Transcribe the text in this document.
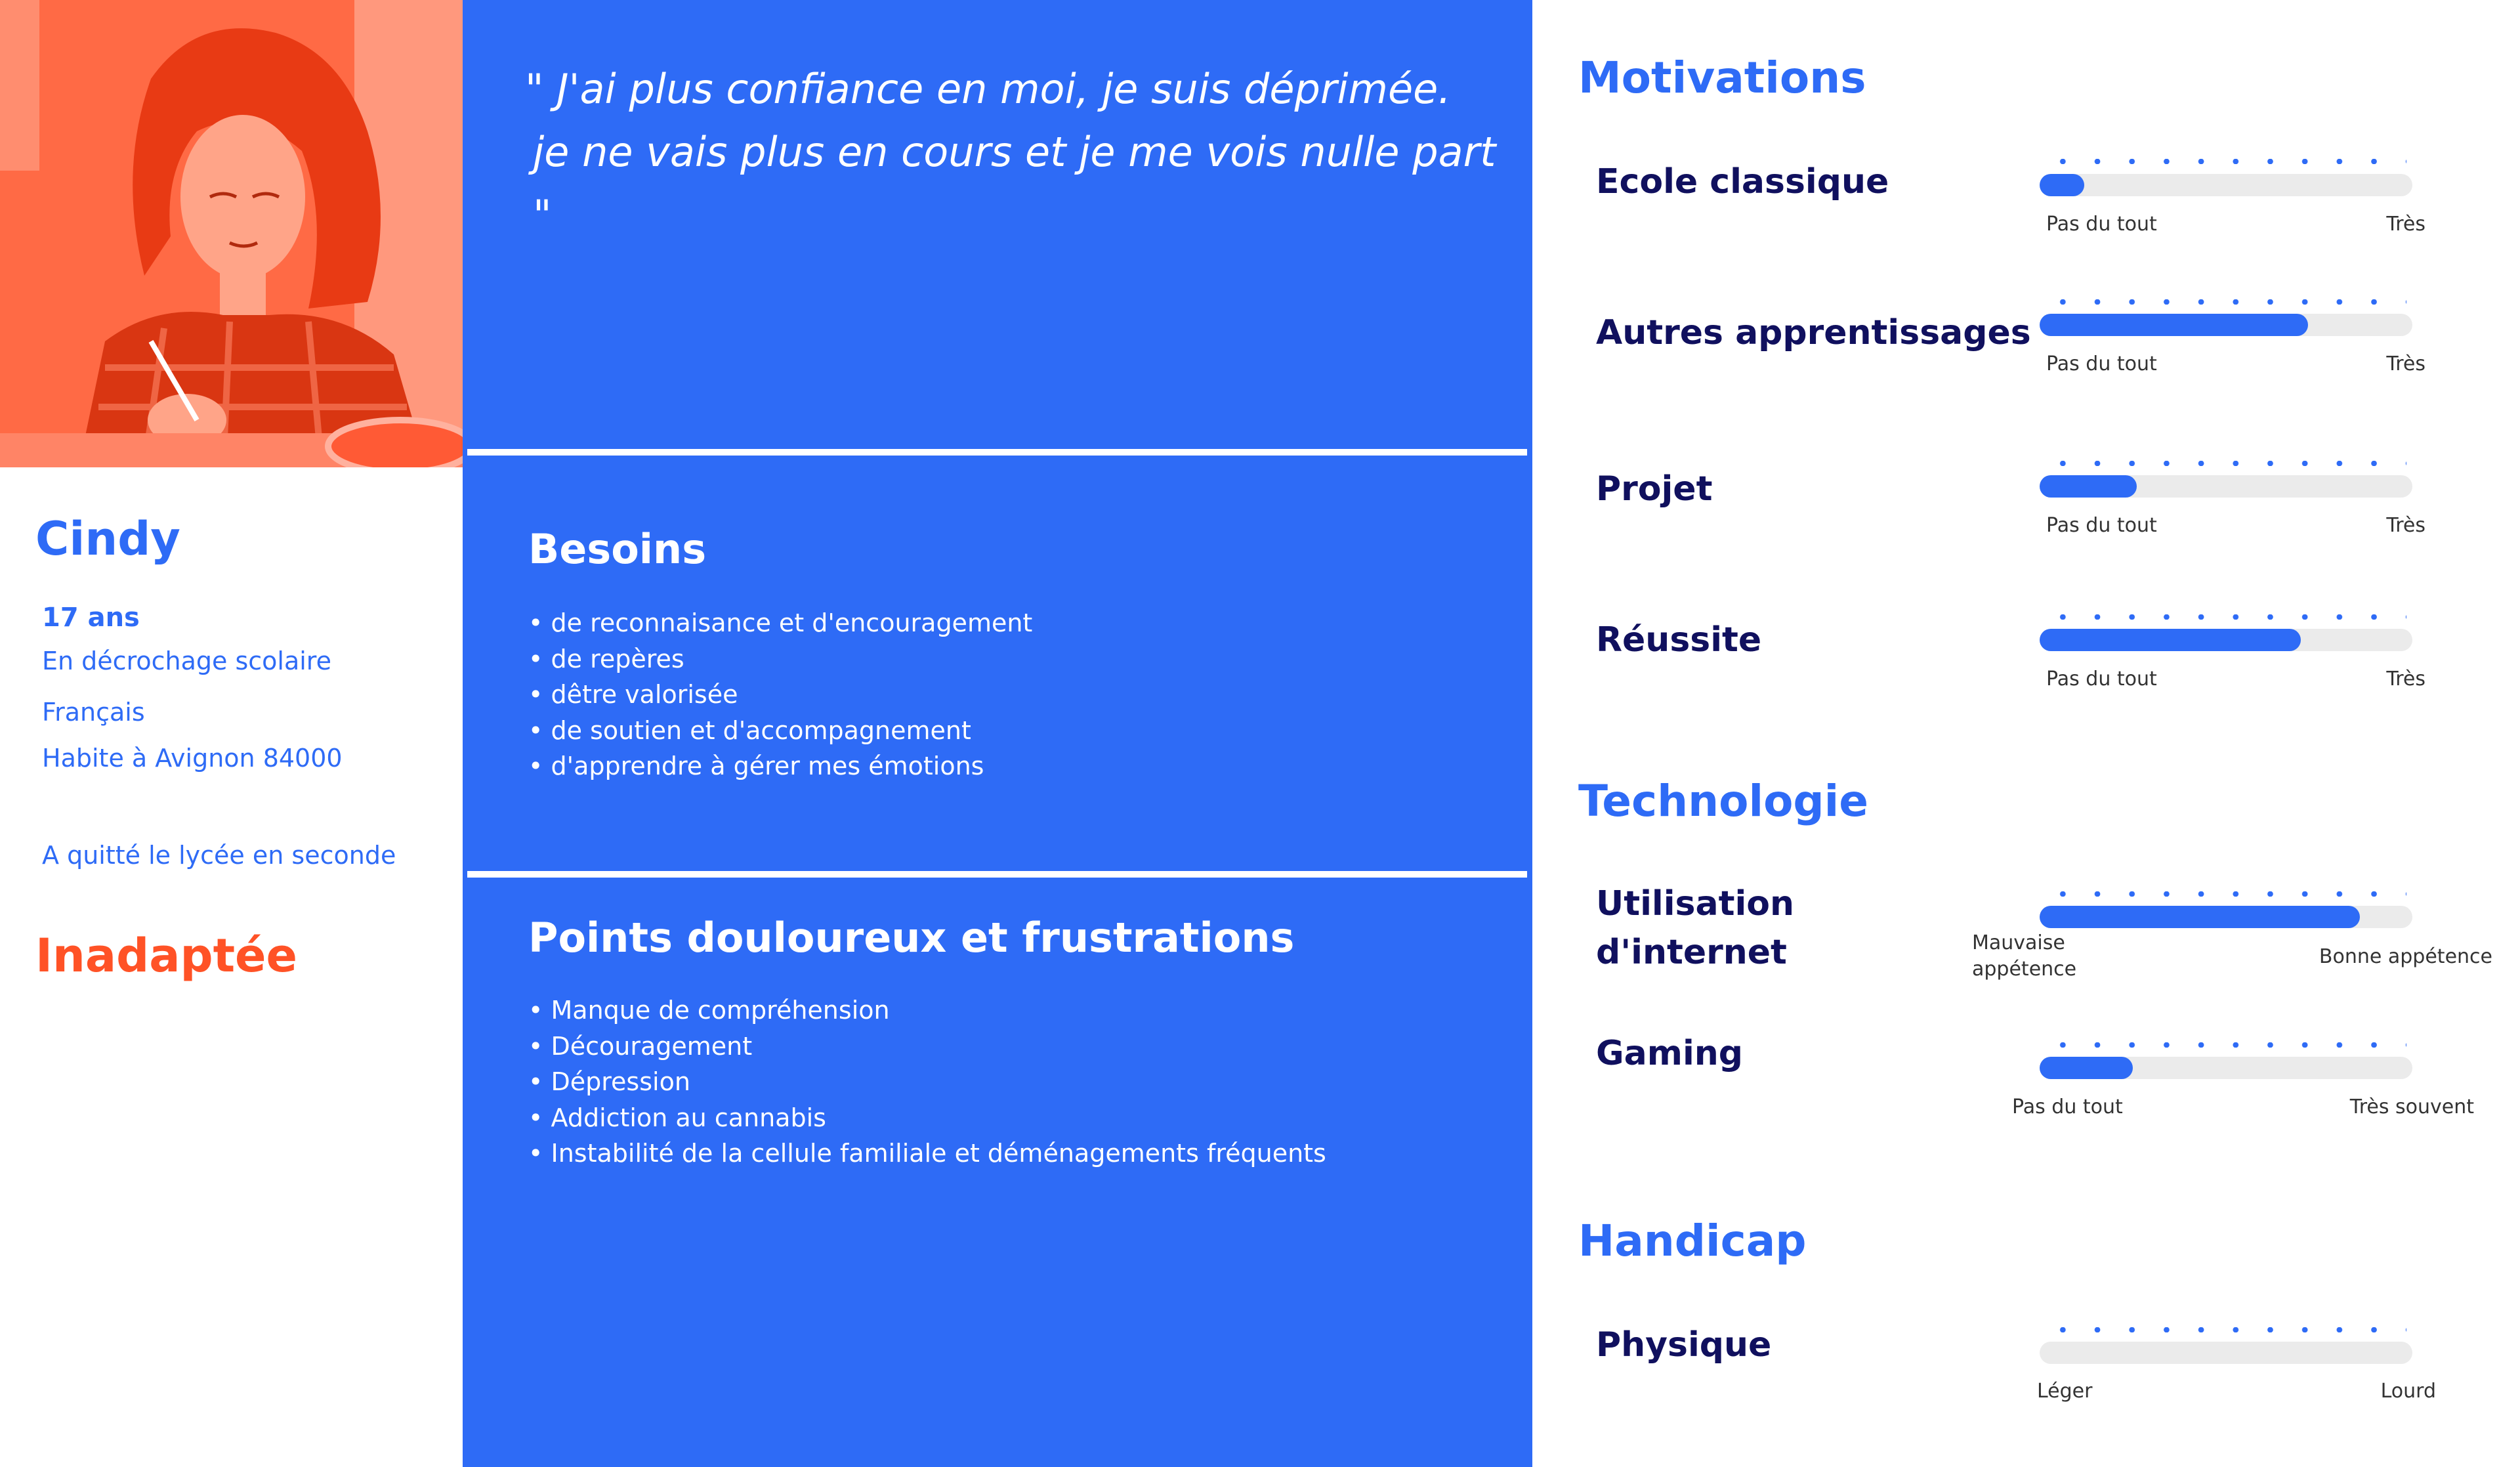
Cindy
17 ans
En décrochage scolaire
Français
Habite à Avignon 84000
A quitté le lycée en seconde
Inadaptée
" J'ai plus confiance en moi, je suis déprimée.
je ne vais plus en cours et je me vois nulle part "
Besoins
• de reconnaisance et d'encouragement
• de repères
• dêtre valorisée
• de soutien et d'accompagnement
• d'apprendre à gérer mes émotions
Points douloureux et frustrations
• Manque de compréhension
• Découragement
• Dépression
• Addiction au cannabis
• Instabilité de la cellule familiale et déménagements fréquents
Motivations
Ecole classique
Pas du tout	Très
Autres apprentissages
Pas du tout	Très
Projet
Pas du tout	Très
Réussite
Pas du tout	Très
Technologie
Utilisation
d'internet	Mauvaise
appétence
Bonne appétence
Gaming
Pas du tout	Très souvent
Handicap
Physique
Léger	Lourd
